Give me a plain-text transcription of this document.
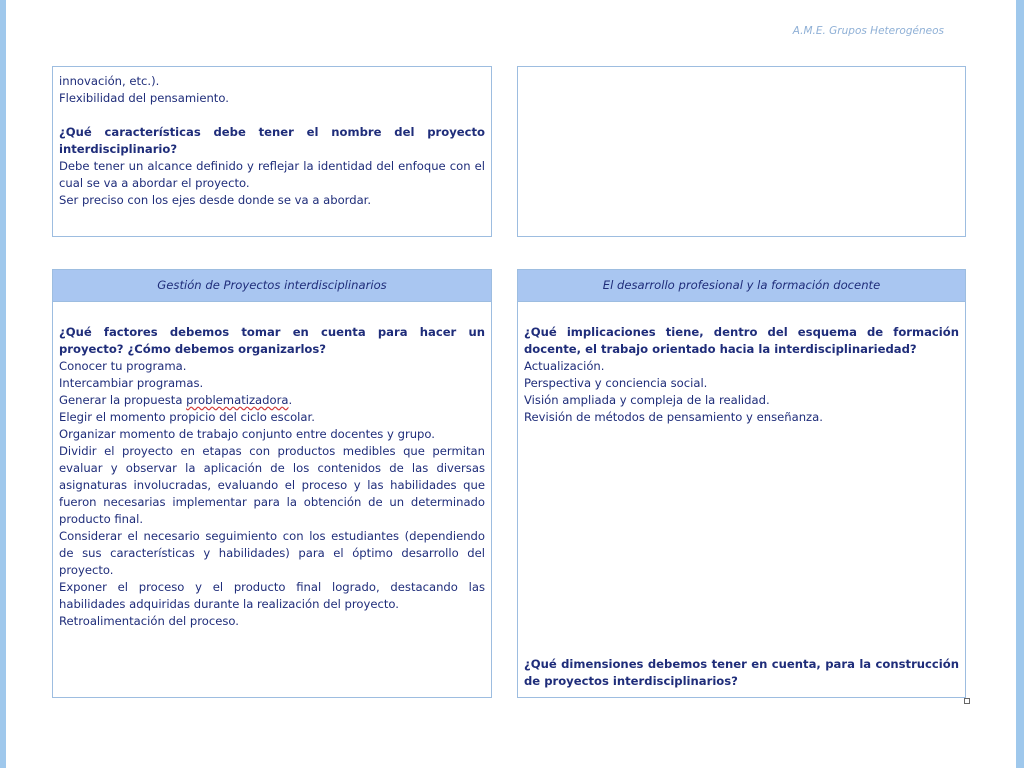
A.M.E. Grupos Heterogéneos

innovación, etc.).

Flexibilidad del pensamiento.

¿Qué características debe tener el nombre del proyecto interdisciplinario?

Debe tener un alcance definido y reflejar la identidad del enfoque con el cual se va a abordar el proyecto.

Ser preciso con los ejes desde donde se va a abordar.

Gestión de Proyectos interdisciplinarios

¿Qué factores debemos tomar en cuenta para hacer un proyecto? ¿Cómo debemos organizarlos?

Conocer tu programa.

Intercambiar programas.

Generar la propuesta problematizadora.

Elegir el momento propicio del ciclo escolar.

Organizar momento de trabajo conjunto entre docentes y grupo.

Dividir el proyecto en etapas con productos medibles que permitan evaluar y observar la aplicación de los contenidos de las diversas asignaturas involucradas, evaluando el proceso y las habilidades que fueron necesarias implementar para la obtención de un determinado producto final.

Considerar el necesario seguimiento con los estudiantes (dependiendo de sus características y habilidades) para el óptimo desarrollo del proyecto.

Exponer el proceso y el producto final logrado, destacando las habilidades adquiridas durante la realización del proyecto.

Retroalimentación del proceso.

El desarrollo profesional y la formación docente

¿Qué implicaciones tiene, dentro del esquema de formación docente, el trabajo orientado hacia la interdisciplinariedad?

Actualización.

Perspectiva y conciencia social.

Visión ampliada y compleja de la realidad.

Revisión de métodos de pensamiento y enseñanza.

¿Qué dimensiones debemos tener en cuenta, para la construcción de proyectos interdisciplinarios?
